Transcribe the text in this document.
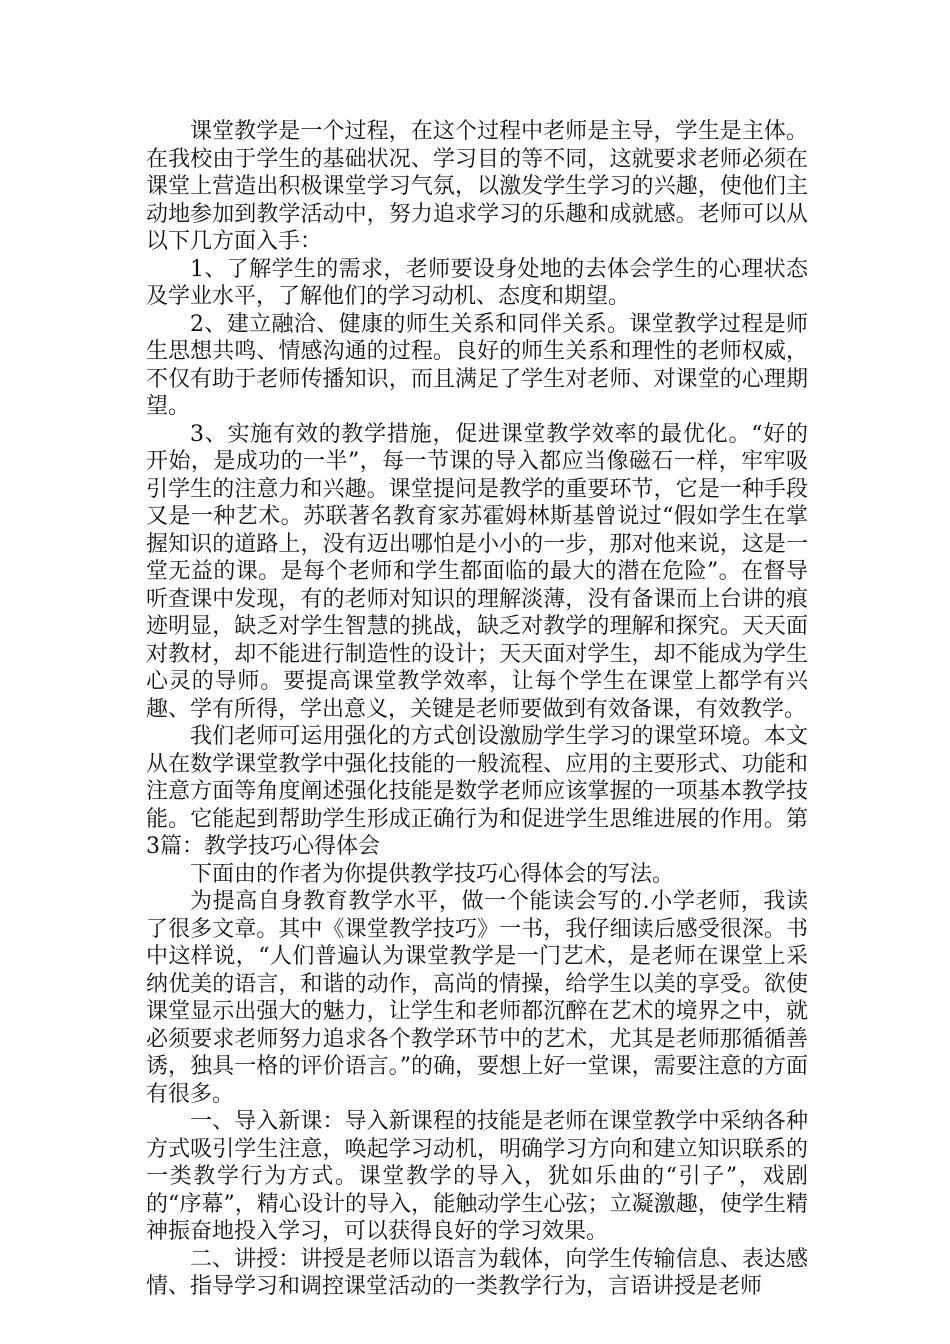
课堂教学是一个过程，在这个过程中老师是主导，学生是主体。在我校由于学生的基础状况、学习目的等不同，这就要求老师必须在课堂上营造出积极课堂学习气氛，以激发学生学习的兴趣，使他们主动地参加到教学活动中，努力追求学习的乐趣和成就感。老师可以从以下几方面入手：

1、了解学生的需求，老师要设身处地的去体会学生的心理状态及学业水平，了解他们的学习动机、态度和期望。

2、建立融洽、健康的师生关系和同伴关系。课堂教学过程是师生思想共鸣、情感沟通的过程。良好的师生关系和理性的老师权威，不仅有助于老师传播知识，而且满足了学生对老师、对课堂的心理期望。

3、实施有效的教学措施，促进课堂教学效率的最优化。“好的开始，是成功的一半”，每一节课的导入都应当像磁石一样，牢牢吸引学生的注意力和兴趣。课堂提问是教学的重要环节，它是一种手段又是一种艺术。苏联著名教育家苏霍姆林斯基曾说过“假如学生在掌握知识的道路上，没有迈出哪怕是小小的一步，那对他来说，这是一堂无益的课。是每个老师和学生都面临的最大的潜在危险”。在督导听查课中发现，有的老师对知识的理解淡薄，没有备课而上台讲的痕迹明显，缺乏对学生智慧的挑战，缺乏对教学的理解和探究。天天面对教材，却不能进行制造性的设计；天天面对学生，却不能成为学生心灵的导师。要提高课堂教学效率，让每个学生在课堂上都学有兴趣、学有所得，学出意义，关键是老师要做到有效备课，有效教学。

我们老师可运用强化的方式创设激励学生学习的课堂环境。本文从在数学课堂教学中强化技能的一般流程、应用的主要形式、功能和注意方面等角度阐述强化技能是数学老师应该掌握的一项基本教学技能。它能起到帮助学生形成正确行为和促进学生思维进展的作用。第3篇：教学技巧心得体会

下面由的作者为你提供教学技巧心得体会的写法。

为提高自身教育教学水平，做一个能读会写的.小学老师，我读了很多文章。其中《课堂教学技巧》一书，我仔细读后感受很深。书中这样说，“人们普遍认为课堂教学是一门艺术，是老师在课堂上采纳优美的语言，和谐的动作，高尚的情操，给学生以美的享受。欲使课堂显示出强大的魅力，让学生和老师都沉醉在艺术的境界之中，就必须要求老师努力追求各个教学环节中的艺术，尤其是老师那循循善诱，独具一格的评价语言。”的确，要想上好一堂课，需要注意的方面有很多。

一、导入新课：导入新课程的技能是老师在课堂教学中采纳各种方式吸引学生注意，唤起学习动机，明确学习方向和建立知识联系的一类教学行为方式。课堂教学的导入，犹如乐曲的“引子”，戏剧的“序幕”，精心设计的导入，能触动学生心弦；立凝激趣，使学生精神振奋地投入学习，可以获得良好的学习效果。

二、讲授：讲授是老师以语言为载体，向学生传输信息、表达感情、指导学习和调控课堂活动的一类教学行为，言语讲授是老师
